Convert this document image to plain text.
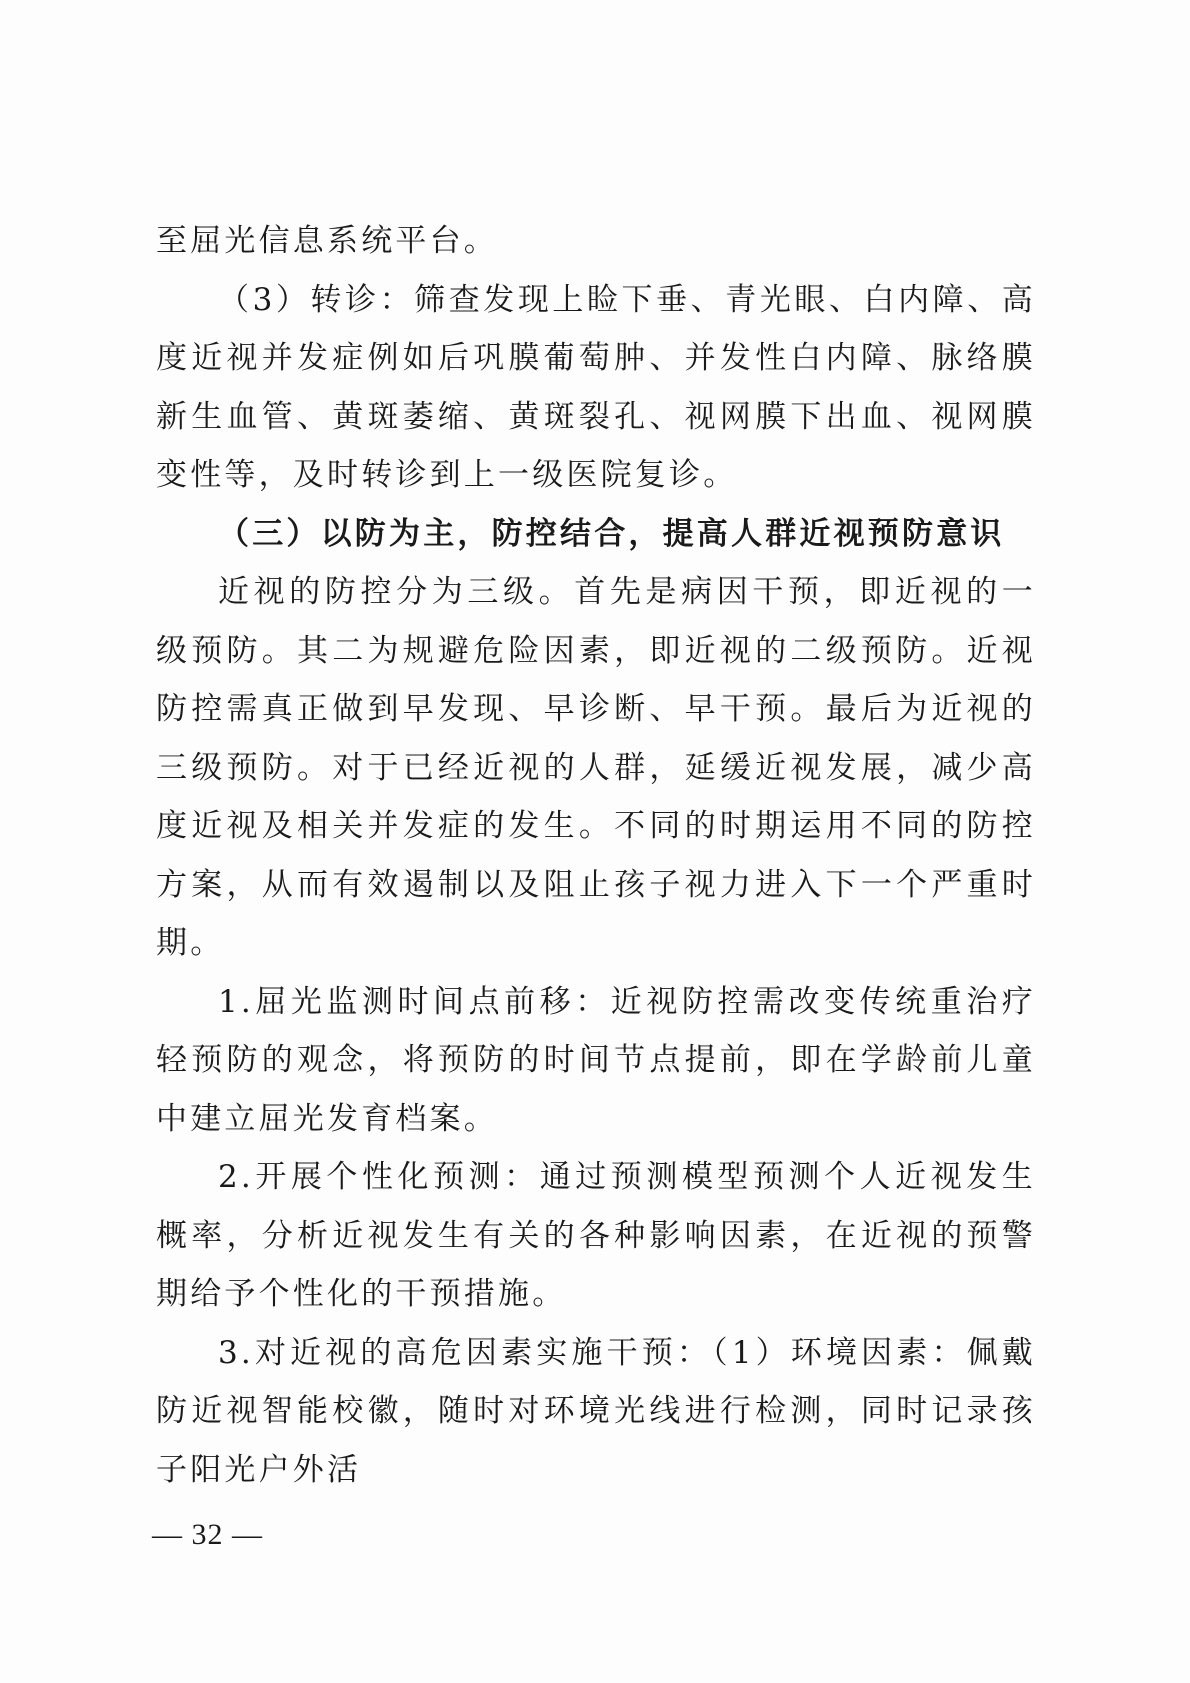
至屈光信息系统平台。

（3）转诊：筛查发现上睑下垂、青光眼、白内障、高度近视并发症例如后巩膜葡萄肿、并发性白内障、脉络膜新生血管、黄斑萎缩、黄斑裂孔、视网膜下出血、视网膜变性等，及时转诊到上一级医院复诊。

（三）以防为主，防控结合，提高人群近视预防意识

近视的防控分为三级。首先是病因干预，即近视的一级预防。其二为规避危险因素，即近视的二级预防。近视防控需真正做到早发现、早诊断、早干预。最后为近视的三级预防。对于已经近视的人群，延缓近视发展，减少高度近视及相关并发症的发生。不同的时期运用不同的防控方案，从而有效遏制以及阻止孩子视力进入下一个严重时期。

1.屈光监测时间点前移：近视防控需改变传统重治疗轻预防的观念，将预防的时间节点提前，即在学龄前儿童中建立屈光发育档案。

2.开展个性化预测：通过预测模型预测个人近视发生概率，分析近视发生有关的各种影响因素，在近视的预警期给予个性化的干预措施。

3.对近视的高危因素实施干预：（1）环境因素：佩戴防近视智能校徽，随时对环境光线进行检测，同时记录孩子阳光户外活

— 32 —
